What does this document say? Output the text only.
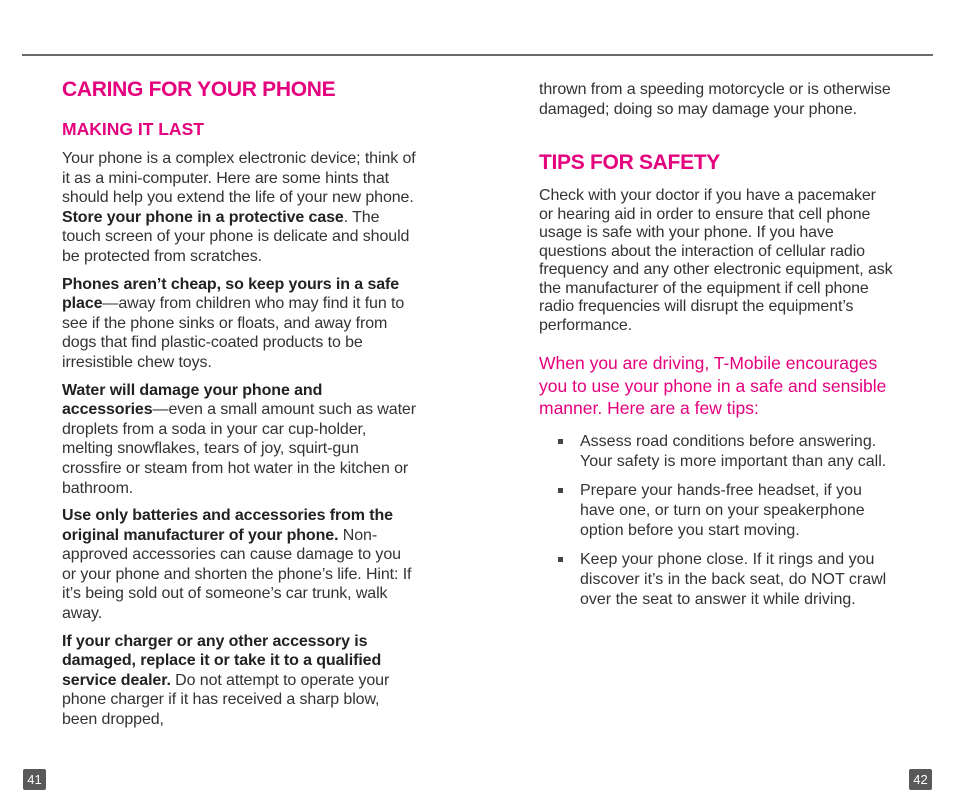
CARING FOR YOUR PHONE
MAKING IT LAST

Your phone is a complex electronic device; think of it as a mini-computer. Here are some hints that should help you extend the life of your new phone.

Store your phone in a protective case. The touch screen of your phone is delicate and should be protected from scratches.

Phones aren’t cheap, so keep yours in a safe place—away from children who may find it fun to see if the phone sinks or floats, and away from dogs that find plastic-coated products to be irresistible chew toys.

Water will damage your phone and accessories—even a small amount such as water droplets from a soda in your car cup-holder, melting snowflakes, tears of joy, squirt-gun crossfire or steam from hot water in the kitchen or bathroom.

Use only batteries and accessories from the original manufacturer of your phone. Non-approved accessories can cause damage to you or your phone and shorten the phone’s life. Hint: If it’s being sold out of someone’s car trunk, walk away.

If your charger or any other accessory is damaged, replace it or take it to a qualified service dealer. Do not attempt to operate your phone charger if it has received a sharp blow, been dropped,

thrown from a speeding motorcycle or is otherwise damaged; doing so may damage your phone.

TIPS FOR SAFETY

Check with your doctor if you have a pacemaker or hearing aid in order to ensure that cell phone usage is safe with your phone. If you have questions about the interaction of cellular radio frequency and any other electronic equipment, ask the manufacturer of the equipment if cell phone radio frequencies will disrupt the equipment’s performance.

When you are driving, T-Mobile encourages you to use your phone in a safe and sensible manner. Here are a few tips:

Assess road conditions before answering. Your safety is more important than any call.
Prepare your hands-free headset, if you have one, or turn on your speakerphone option before you start moving.
Keep your phone close. If it rings and you discover it’s in the back seat, do NOT crawl over the seat to answer it while driving.
41	42
